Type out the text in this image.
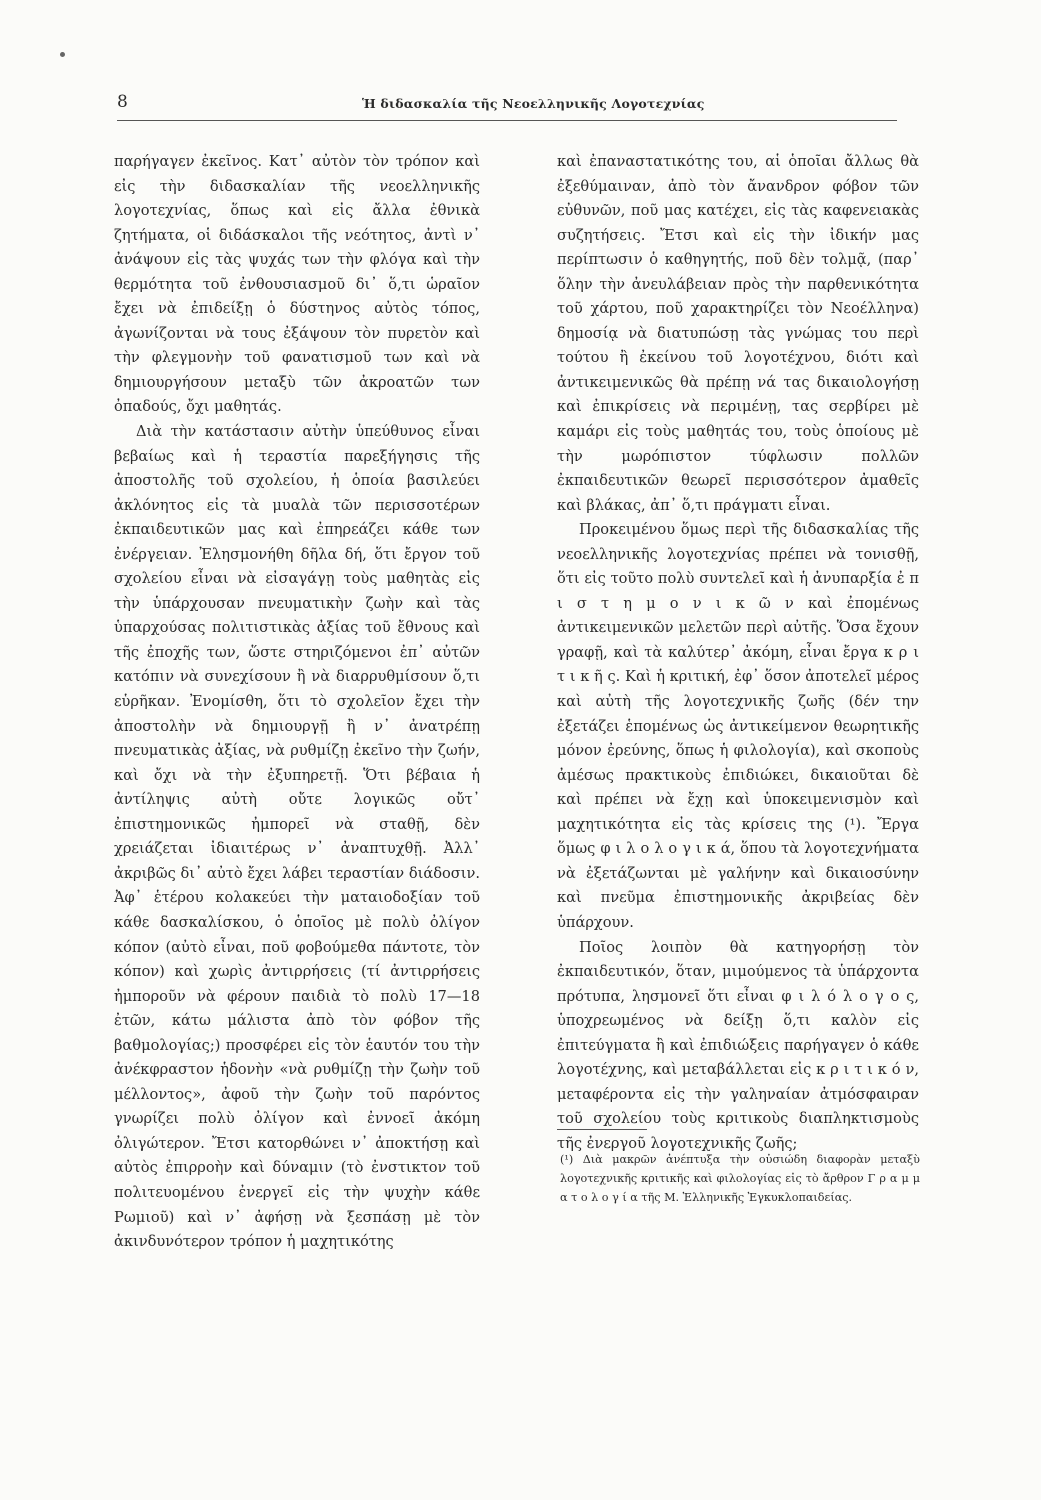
8	Ἡ διδασκαλία τῆς Νεοελληνικῆς Λογοτεχνίας

παρήγαγεν ἐκεῖνος. Κατ᾿ αὐτὸν τὸν τρόπον καὶ εἰς τὴν διδασκαλίαν τῆς νεοελληνικῆς λογοτεχνίας, ὅπως καὶ εἰς ἄλλα ἐθνικὰ ζητήματα, οἱ διδάσκαλοι τῆς νεότητος, ἀντὶ ν᾿ ἀνάψουν εἰς τὰς ψυχάς των τὴν φλόγα καὶ τὴν θερμότητα τοῦ ἐνθουσιασμοῦ δι᾿ ὅ,τι ὡραῖον ἔχει νὰ ἐπιδείξῃ ὁ δύστηνος αὐτὸς τόπος, ἀγωνίζονται νὰ τους ἐξάψουν τὸν πυρετὸν καὶ τὴν φλεγμονὴν τοῦ φανατισμοῦ των καὶ νὰ δημιουργήσουν μεταξὺ τῶν ἀκροατῶν των ὀπαδούς, ὄχι μαθητάς.

Διὰ τὴν κατάστασιν αὐτὴν ὑπεύθυνος εἶναι βεβαίως καὶ ἡ τεραστία παρεξήγησις τῆς ἀποστολῆς τοῦ σχολείου, ἡ ὁποία βασιλεύει ἀκλόνητος εἰς τὰ μυαλὰ τῶν περισσοτέρων ἐκπαιδευτικῶν μας καὶ ἐπηρεάζει κάθε των ἐνέργειαν. Ἐλησμονήθη δῆλα δή, ὅτι ἔργον τοῦ σχολείου εἶναι νὰ εἰσαγάγῃ τοὺς μαθητὰς εἰς τὴν ὑπάρχουσαν πνευματικὴν ζωὴν καὶ τὰς ὑπαρχούσας πολιτιστικὰς ἀξίας τοῦ ἔθνους καὶ τῆς ἐποχῆς των, ὥστε στηριζόμενοι ἐπ᾿ αὐτῶν κατόπιν νὰ συνεχίσουν ἢ νὰ διαρρυθμίσουν ὅ,τι εὑρῆκαν. Ἐνομίσθη, ὅτι τὸ σχολεῖον ἔχει τὴν ἀποστολὴν νὰ δημιουργῇ ἢ ν᾿ ἀνατρέπῃ πνευματικὰς ἀξίας, νὰ ρυθμίζῃ ἐκεῖνο τὴν ζωήν, καὶ ὄχι νὰ τὴν ἐξυπηρετῇ. Ὅτι βέβαια ἡ ἀντίληψις αὐτὴ οὔτε λογικῶς οὔτ᾿ ἐπιστημονικῶς ἠμπορεῖ νὰ σταθῇ, δὲν χρειάζεται ἰδιαιτέρως ν᾿ ἀναπτυχθῇ. Ἀλλ᾿ ἀκριβῶς δι᾿ αὐτὸ ἔχει λάβει τεραστίαν διάδοσιν. Ἀφ᾿ ἑτέρου κολακεύει τὴν ματαιοδοξίαν τοῦ κάθε δασκαλίσκου, ὁ ὁποῖος μὲ πολὺ ὀλίγον κόπον (αὐτὸ εἶναι, ποῦ φοβούμεθα πάντοτε, τὸν κόπον) καὶ χωρὶς ἀντιρρήσεις (τί ἀντιρρήσεις ἠμποροῦν νὰ φέρουν παιδιὰ τὸ πολὺ 17—18 ἐτῶν, κάτω μάλιστα ἀπὸ τὸν φόβον τῆς βαθμολογίας;) προσφέρει εἰς τὸν ἑαυτόν του τὴν ἀνέκφραστον ἡδονὴν «νὰ ρυθμίζῃ τὴν ζωὴν τοῦ μέλλοντος», ἀφοῦ τὴν ζωὴν τοῦ παρόντος γνωρίζει πολὺ ὀλίγον καὶ ἐννοεῖ ἀκόμη ὀλιγώτερον. Ἔτσι κατορθώνει ν᾿ ἀποκτήσῃ καὶ αὐτὸς ἐπιρροὴν καὶ δύναμιν (τὸ ἐνστικτον τοῦ πολιτευομένου ἐνεργεῖ εἰς τὴν ψυχὴν κάθε Ρωμιοῦ) καὶ ν᾿ ἀφήσῃ νὰ ξεσπάσῃ μὲ τὸν ἀκινδυνότερον τρόπον ἡ μαχητικότης

καὶ ἐπαναστατικότης του, αἱ ὁποῖαι ἄλλως θὰ ἐξεθύμαιναν, ἀπὸ τὸν ἄνανδρον φόβον τῶν εὐθυνῶν, ποῦ μας κατέχει, εἰς τὰς καφενειακὰς συζητήσεις. Ἔτσι καὶ εἰς τὴν ἰδικήν μας περίπτωσιν ὁ καθηγητής, ποῦ δὲν τολμᾷ, (παρ᾿ ὅλην τὴν ἀνευλάβειαν πρὸς τὴν παρθενικότητα τοῦ χάρτου, ποῦ χαρακτηρίζει τὸν Νεοέλληνα) δημοσίᾳ νὰ διατυπώσῃ τὰς γνώμας του περὶ τούτου ἢ ἐκείνου τοῦ λογοτέχνου, διότι καὶ ἀντικειμενικῶς θὰ πρέπῃ νά τας δικαιολογήσῃ καὶ ἐπικρίσεις νὰ περιμένῃ, τας σερβίρει μὲ καμάρι εἰς τοὺς μαθητάς του, τοὺς ὁποίους μὲ τὴν μωρόπιστον τύφλωσιν πολλῶν ἐκπαιδευτικῶν θεωρεῖ περισσότερον ἀμαθεῖς καὶ βλάκας, ἀπ᾿ ὅ,τι πράγματι εἶναι.

Προκειμένου ὅμως περὶ τῆς διδασκαλίας τῆς νεοελληνικῆς λογοτεχνίας πρέπει νὰ τονισθῇ, ὅτι εἰς τοῦτο πολὺ συντελεῖ καὶ ἡ ἀνυπαρξία ἐ π ι σ τ η μ ο ν ι κ ῶ ν καὶ ἐπομένως ἀντικειμενικῶν μελετῶν περὶ αὐτῆς. Ὅσα ἔχουν γραφῇ, καὶ τὰ καλύτερ᾿ ἀκόμη, εἶναι ἔργα κ ρ ι τ ι κ ῆ ς. Καὶ ἡ κριτική, ἐφ᾿ ὅσον ἀποτελεῖ μέρος καὶ αὐτὴ τῆς λογοτεχνικῆς ζωῆς (δέν την ἐξετάζει ἑπομένως ὡς ἀντικείμενον θεωρητικῆς μόνον ἐρεύνης, ὅπως ἡ φιλολογία), καὶ σκοποὺς ἀμέσως πρακτικοὺς ἐπιδιώκει, δικαιοῦται δὲ καὶ πρέπει νὰ ἔχῃ καὶ ὑποκειμενισμὸν καὶ μαχητικότητα εἰς τὰς κρίσεις της (¹). Ἔργα ὅμως φ ι λ ο λ ο γ ι κ ά, ὅπου τὰ λογοτεχνήματα νὰ ἐξετάζωνται μὲ γαλήνην καὶ δικαιοσύνην καὶ πνεῦμα ἐπιστημονικῆς ἀκριβείας δὲν ὑπάρχουν.

Ποῖος λοιπὸν θὰ κατηγορήσῃ τὸν ἐκπαιδευτικόν, ὅταν, μιμούμενος τὰ ὑπάρχοντα πρότυπα, λησμονεῖ ὅτι εἶναι φ ι λ ό λ ο γ ο ς, ὑποχρεωμένος νὰ δείξῃ ὅ,τι καλὸν εἰς ἐπιτεύγματα ἢ καὶ ἐπιδιώξεις παρήγαγεν ὁ κάθε λογοτέχνης, καὶ μεταβάλλεται εἰς κ ρ ι τ ι κ ό ν, μεταφέροντα εἰς τὴν γαληναίαν ἀτμόσφαιραν τοῦ σχολείου τοὺς κριτικοὺς διαπληκτισμοὺς τῆς ἐνεργοῦ λογοτεχνικῆς ζωῆς;

(¹) Διὰ μακρῶν ἀνέπτυξα τὴν οὐσιώδη διαφορὰν μεταξὺ λογοτεχνικῆς κριτικῆς καὶ φιλολογίας εἰς τὸ ἄρθρον Γ ρ α μ μ α τ ο λ ο γ ί α τῆς Μ. Ἑλληνικῆς Ἐγκυκλοπαιδείας.
